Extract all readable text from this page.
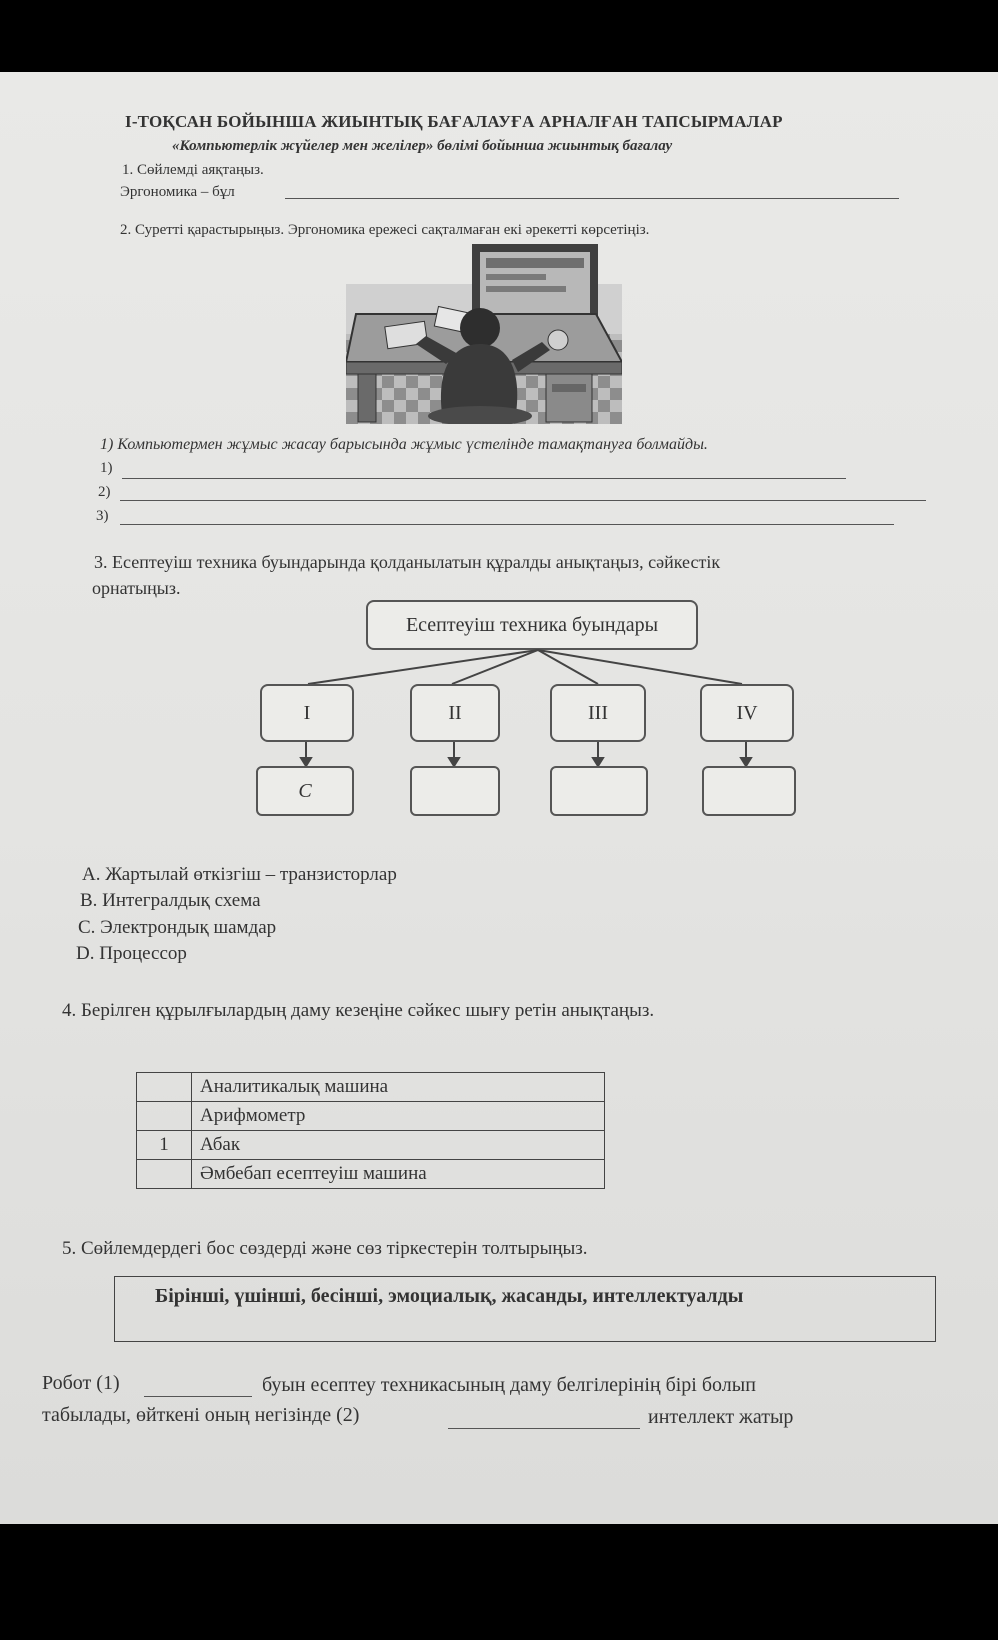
І-ТОҚСАН БОЙЫНША ЖИЫНТЫҚ БАҒАЛАУҒА АРНАЛҒАН ТАПСЫРМАЛАР
«Компьютерлік жүйелер мен желілер» бөлімі бойынша жиынтық бағалау
1. Сөйлемді аяқтаңыз.
Эргономика – бұл
2. Суретті қарастырыңыз. Эргономика ережесі сақталмаған екі әрекетті көрсетіңіз.
1) Компьютермен жұмыс жасау барысында жұмыс үстелінде тамақтануға болмайды.
1)
2)
3)
3. Есептеуіш техника буындарында қолданылатын құралды анықтаңыз, сәйкестік
орнатыңыз.
Есептеуіш техника буындары
I	II	III	IV
C
А. Жартылай өткізгіш – транзисторлар
В. Интегралдық схема
С. Электрондық шамдар
D. Процессор
4. Берілген құрылғылардың даму кезеңіне сәйкес шығу ретін анықтаңыз.
	Аналитикалық машина
	Арифмометр
1	Абак
	Әмбебап есептеуіш машина
5. Сөйлемдердегі бос сөздерді және сөз тіркестерін толтырыңыз.
Бірінші, үшінші, бесінші, эмоциалық, жасанды, интеллектуалды
Робот (1)	буын есептеу техникасының даму белгілерінің бірі болып
табылады, өйткені оның негізінде (2)	интеллект жатыр
